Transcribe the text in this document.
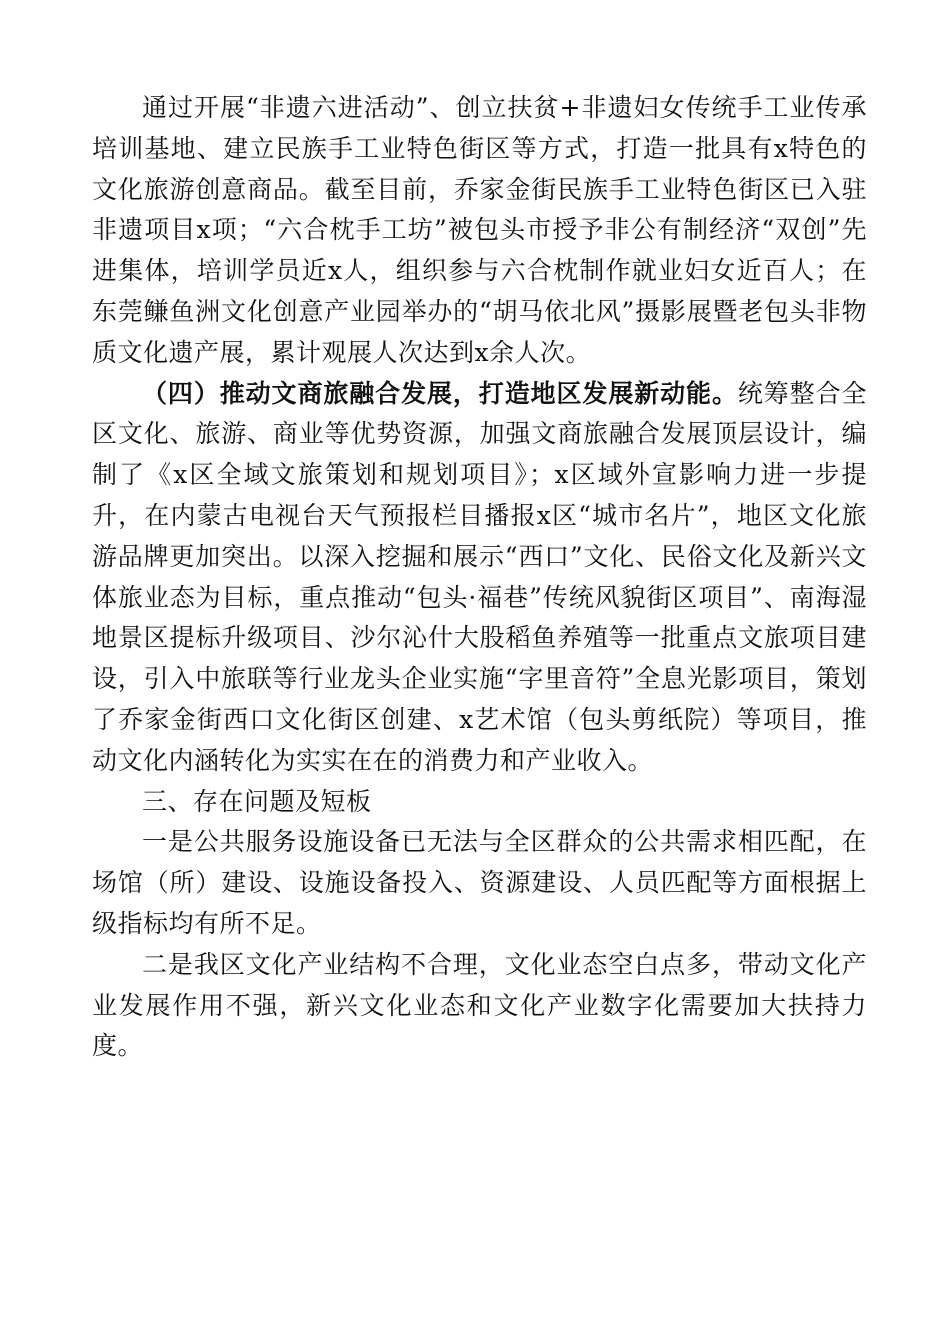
通过开展“非遗六进活动”、创立扶贫+非遗妇女传统手工业传承培训基地、建立民族手工业特色街区等方式，打造一批具有x特色的文化旅游创意商品。截至目前，乔家金街民族手工业特色街区已入驻非遗项目x项；“六合枕手工坊”被包头市授予非公有制经济“双创”先进集体，培训学员近x人，组织参与六合枕制作就业妇女近百人；在东莞鳒鱼洲文化创意产业园举办的“胡马依北风”摄影展暨老包头非物质文化遗产展，累计观展人次达到x余人次。

（四）推动文商旅融合发展，打造地区发展新动能。统筹整合全区文化、旅游、商业等优势资源，加强文商旅融合发展顶层设计，编制了《x区全域文旅策划和规划项目》；x区域外宣影响力进一步提升，在内蒙古电视台天气预报栏目播报x区“城市名片”，地区文化旅游品牌更加突出。以深入挖掘和展示“西口”文化、民俗文化及新兴文体旅业态为目标，重点推动“包头·福巷”传统风貌街区项目”、南海湿地景区提标升级项目、沙尔沁什大股稻鱼养殖等一批重点文旅项目建设，引入中旅联等行业龙头企业实施“字里音符”全息光影项目，策划了乔家金街西口文化街区创建、x艺术馆（包头剪纸院）等项目，推动文化内涵转化为实实在在的消费力和产业收入。

三、存在问题及短板

一是公共服务设施设备已无法与全区群众的公共需求相匹配，在场馆（所）建设、设施设备投入、资源建设、人员匹配等方面根据上级指标均有所不足。

二是我区文化产业结构不合理，文化业态空白点多，带动文化产业发展作用不强，新兴文化业态和文化产业数字化需要加大扶持力度。
